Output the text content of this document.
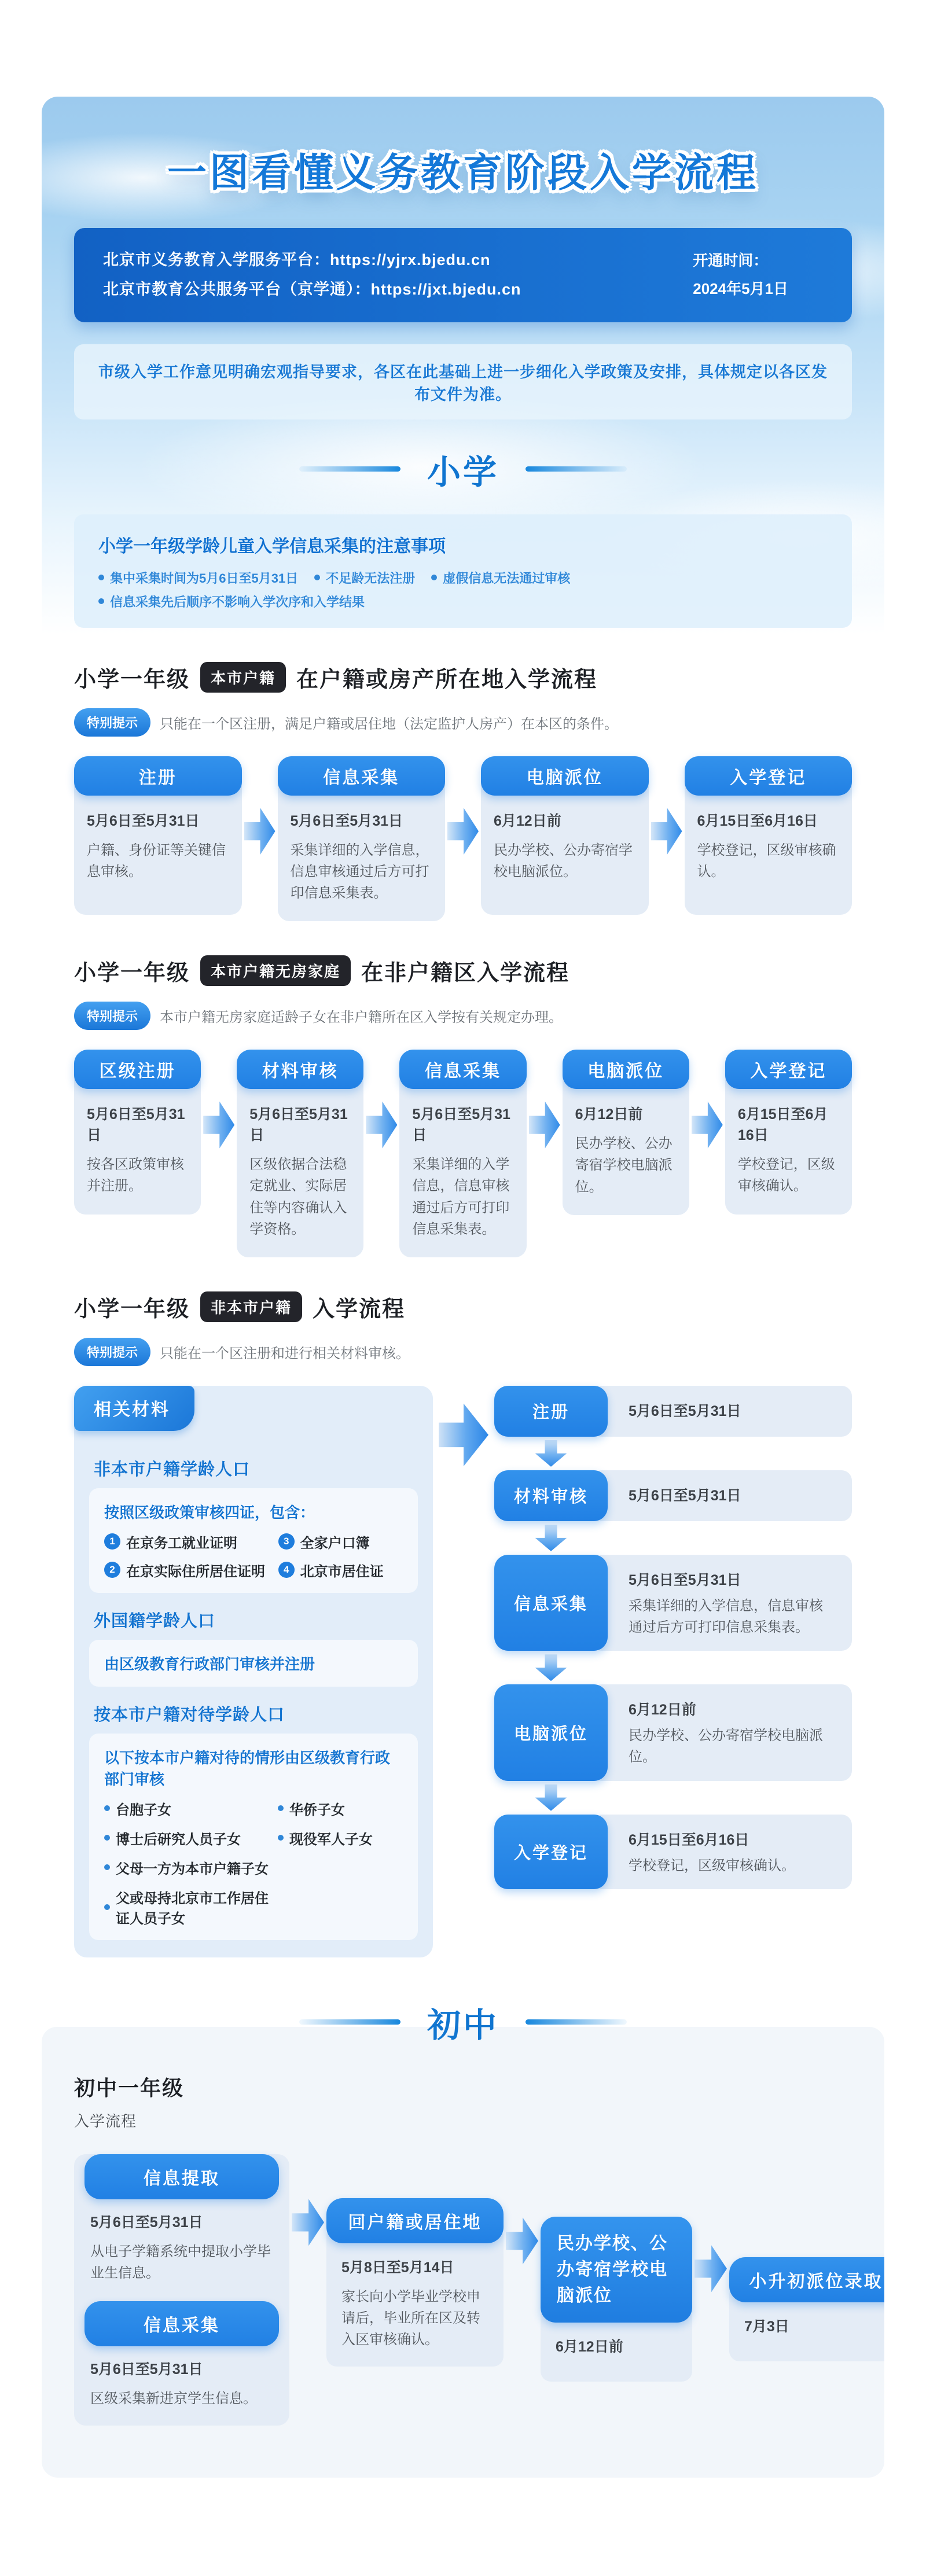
一图看懂义务教育阶段入学流程
北京市义务教育入学服务平台：https://yjrx.bjedu.cn
北京市教育公共服务平台（京学通）：https://jxt.bjedu.cn
开通时间：
2024年5月1日
市级入学工作意见明确宏观指导要求，各区在此基础上进一步细化入学政策及安排，具体规定以各区发布文件为准。
小学
小学一年级学龄儿童入学信息采集的注意事项
集中采集时间为5月6日至5月31日 不足龄无法注册 虚假信息无法通过审核
信息采集先后顺序不影响入学次序和入学结果
小学一年级	本市户籍 在户籍或房产所在地入学流程
特别提示	只能在一个区注册，满足户籍或居住地（法定监护人房产）在本区的条件。
注册
5月6日至5月31日
户籍、身份证等关键信息审核。
信息采集
5月6日至5月31日
采集详细的入学信息，信息审核通过后方可打印信息采集表。
电脑派位
6月12日前
民办学校、公办寄宿学校电脑派位。
入学登记
6月15日至6月16日
学校登记，区级审核确认。
小学一年级	本市户籍无房家庭 在非户籍区入学流程
特别提示	本市户籍无房家庭适龄子女在非户籍所在区入学按有关规定办理。
区级注册
5月6日至5月31日
按各区政策审核并注册。
材料审核
5月6日至5月31日
区级依据合法稳定就业、实际居住等内容确认入学资格。
信息采集
5月6日至5月31日
采集详细的入学信息，信息审核通过后方可打印信息采集表。
电脑派位
6月12日前
民办学校、公办寄宿学校电脑派位。
入学登记
6月15日至6月16日
学校登记，区级审核确认。
小学一年级	非本市户籍 入学流程
特别提示	只能在一个区注册和进行相关材料审核。
相关材料
非本市户籍学龄人口
按照区级政策审核四证，包含：
1 在京务工就业证明	3 全家户口簿
2 在京实际住所居住证明	4 北京市居住证
外国籍学龄人口
由区级教育行政部门审核并注册
按本市户籍对待学龄人口
以下按本市户籍对待的情形由区级教育行政部门审核
台胞子女	华侨子女
博士后研究人员子女	现役军人子女
父母一方为本市户籍子女
父或母持北京市工作居住证人员子女
注册	5月6日至5月31日
材料审核	5月6日至5月31日
信息采集
5月6日至5月31日
采集详细的入学信息，信息审核通过后方可打印信息采集表。
电脑派位
6月12日前
民办学校、公办寄宿学校电脑派位。
入学登记
6月15日至6月16日
学校登记，区级审核确认。
初中
初中一年级
入学流程
信息提取
5月6日至5月31日
从电子学籍系统中提取小学毕业生信息。
信息采集
5月6日至5月31日
区级采集新进京学生信息。
回户籍或居住地
5月8日至5月14日
家长向小学毕业学校申请后，毕业所在区及转入区审核确认。
民办学校、公办寄宿学校电脑派位
6月12日前
小升初派位录取
7月3日
